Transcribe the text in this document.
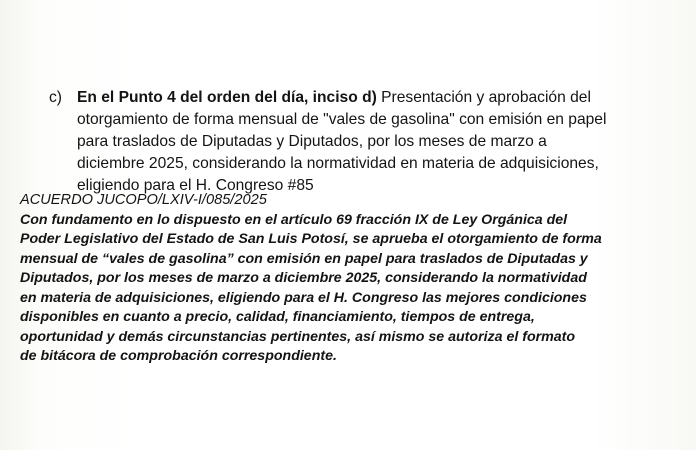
c) En el Punto 4 del orden del día, inciso d) Presentación y aprobación del
otorgamiento de forma mensual de "vales de gasolina" con emisión en papel
para traslados de Diputadas y Diputados, por los meses de marzo a
diciembre 2025, considerando la normatividad en materia de adquisiciones,
eligiendo para el H. Congreso #85
ACUERDO JUCOPO/LXIV-I/085/2025
Con fundamento en lo dispuesto en el artículo 69 fracción IX de Ley Orgánica del
Poder Legislativo del Estado de San Luis Potosí, se aprueba el otorgamiento de forma
mensual de “vales de gasolina” con emisión en papel para traslados de Diputadas y
Diputados, por los meses de marzo a diciembre 2025, considerando la normatividad
en materia de adquisiciones, eligiendo para el H. Congreso las mejores condiciones
disponibles en cuanto a precio, calidad, financiamiento, tiempos de entrega,
oportunidad y demás circunstancias pertinentes, así mismo se autoriza el formato
de bitácora de comprobación correspondiente.
